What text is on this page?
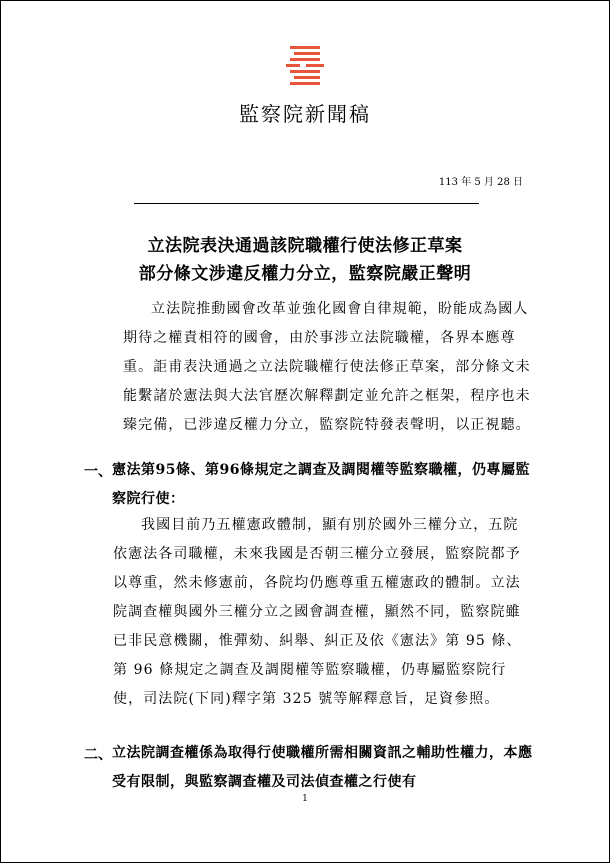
監察院新聞稿
113 年 5 月 28 日
立法院表決通過該院職權行使法修正草案
部分條文涉違反權力分立，監察院嚴正聲明

立法院推動國會改革並強化國會自律規範，盼能成為國人期待之權責相符的國會，由於事涉立法院職權，各界本應尊重。詎甫表決通過之立法院職權行使法修正草案，部分條文未能繫諸於憲法與大法官歷次解釋劃定並允許之框架，程序也未臻完備，已涉違反權力分立，監察院特發表聲明，以正視聽。

一、 憲法第95條、第96條規定之調查及調閱權等監察職權，仍專屬監察院行使：

我國目前乃五權憲政體制，顯有別於國外三權分立，五院依憲法各司職權，未來我國是否朝三權分立發展，監察院都予以尊重，然未修憲前，各院均仍應尊重五權憲政的體制。立法院調查權與國外三權分立之國會調查權，顯然不同，監察院雖已非民意機關，惟彈劾、糾舉、糾正及依《憲法》第 95 條、第 96 條規定之調查及調閱權等監察職權，仍專屬監察院行使，司法院(下同)釋字第 325 號等解釋意旨，足資參照。

二、 立法院調查權係為取得行使職權所需相關資訊之輔助性權力，本應受有限制，與監察調查權及司法偵查權之行使有

1
